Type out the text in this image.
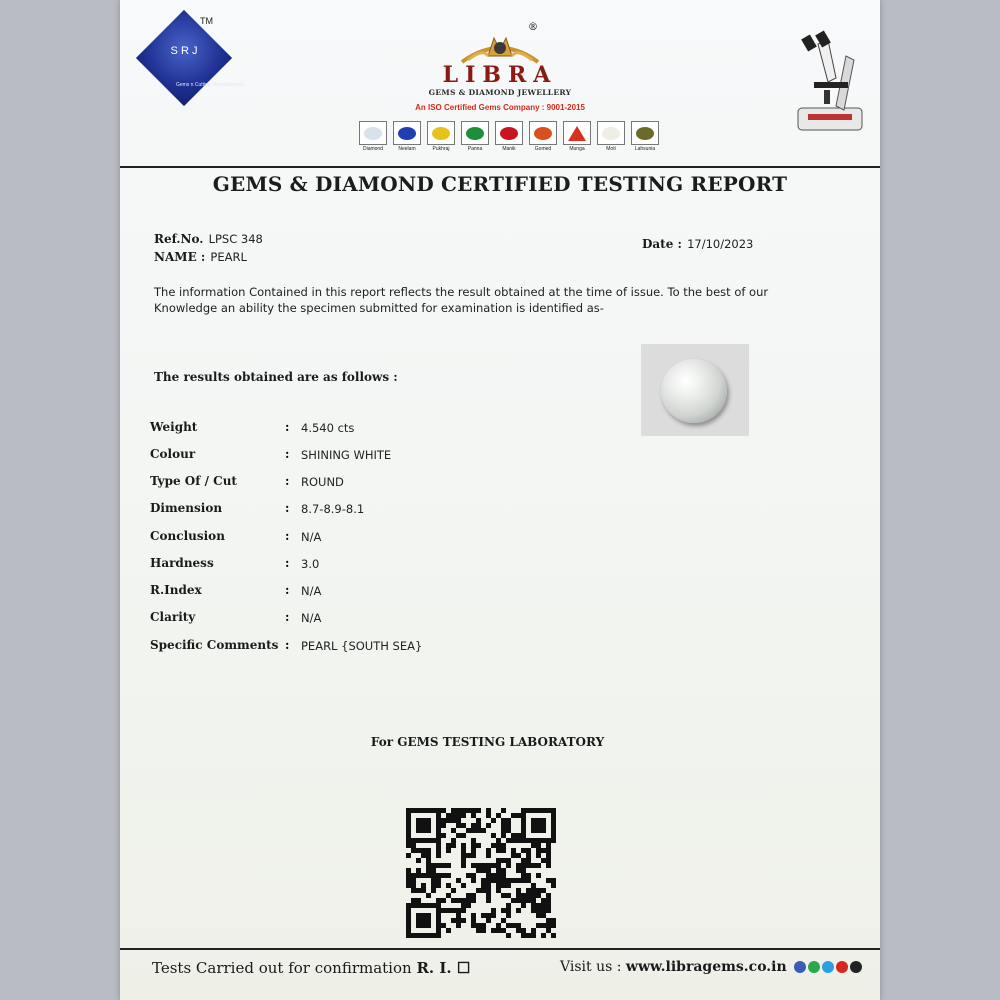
S R J
Gems n Cutting Manufacturers
TM
®
LIBRA
GEMS & DIAMOND JEWELLERY
An ISO Certified Gems Company : 9001-2015
Diamond	Neelam	Pukhraj	Panna	Manik	Gomed	Munga	Moti	Lahsunia
GEMS & DIAMOND CERTIFIED TESTING REPORT
Ref.No. LPSC 348
NAME : PEARL
Date : 17/10/2023
The information Contained in this report reflects the result obtained at the time of issue. To the best of our Knowledge an ability the specimen submitted for examination is identified as-
The results obtained are as follows :
Weight	: 4.540 cts
Colour	: SHINING WHITE
Type Of / Cut	: ROUND
Dimension	: 8.7-8.9-8.1
Conclusion	: N/A
Hardness	: 3.0
R.Index	: N/A
Clarity	: N/A
Specific Comments : PEARL {SOUTH SEA}
For GEMS TESTING LABORATORY
Tests Carried out for confirmation R. I. ☐	Visit us : www.libragems.co.in
